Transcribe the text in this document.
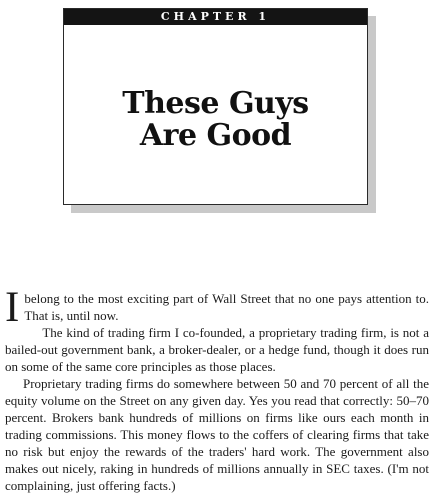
CHAPTER 1
These Guys
Are Good

Ibelong to the most exciting part of Wall Street that no one pays attention to. That is, until now.

The kind of trading firm I co-founded, a proprietary trading firm, is not a bailed-out government bank, a broker-dealer, or a hedge fund, though it does run on some of the same core principles as those places.

Proprietary trading firms do somewhere between 50 and 70 percent of all the equity volume on the Street on any given day. Yes you read that correctly: 50–70 percent. Brokers bank hundreds of millions on firms like ours each month in trading commissions. This money flows to the coffers of clearing firms that take no risk but enjoy the rewards of the traders' hard work. The government also makes out nicely, raking in hundreds of millions annually in SEC taxes. (I'm not complaining, just offering facts.)
